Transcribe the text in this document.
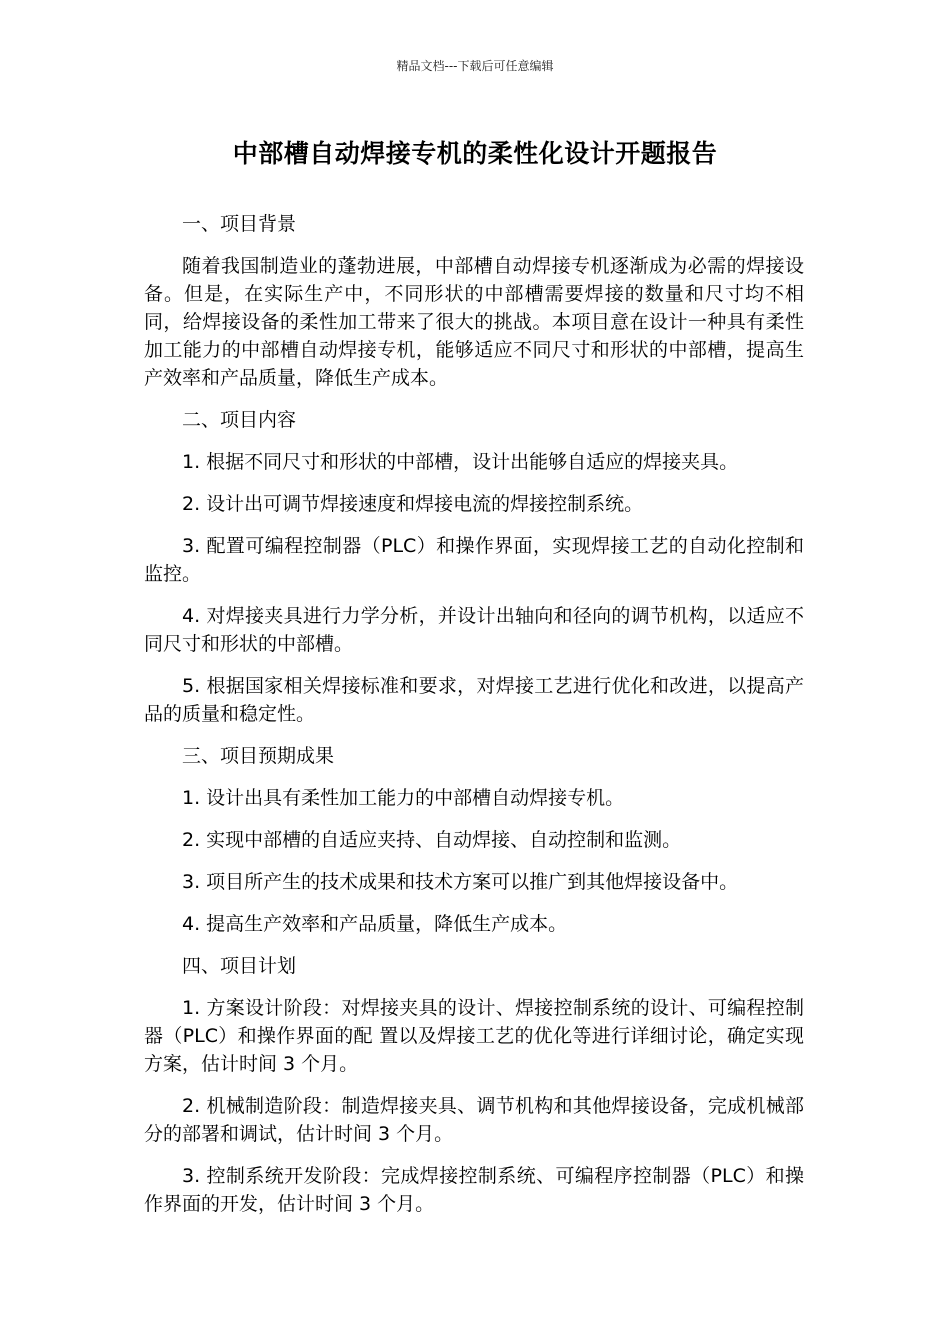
精品文档---下载后可任意编辑
中部槽自动焊接专机的柔性化设计开题报告

一、项目背景

随着我国制造业的蓬勃进展，中部槽自动焊接专机逐渐成为必需的焊接设备。但是，在实际生产中，不同形状的中部槽需要焊接的数量和尺寸均不相同，给焊接设备的柔性加工带来了很大的挑战。本项目意在设计一种具有柔性加工能力的中部槽自动焊接专机，能够适应不同尺寸和形状的中部槽，提高生产效率和产品质量，降低生产成本。

二、项目内容

1. 根据不同尺寸和形状的中部槽，设计出能够自适应的焊接夹具。

2. 设计出可调节焊接速度和焊接电流的焊接控制系统。

3. 配置可编程控制器（PLC）和操作界面，实现焊接工艺的自动化控制和监控。

4. 对焊接夹具进行力学分析，并设计出轴向和径向的调节机构，以适应不同尺寸和形状的中部槽。

5. 根据国家相关焊接标准和要求，对焊接工艺进行优化和改进，以提高产品的质量和稳定性。

三、项目预期成果

1. 设计出具有柔性加工能力的中部槽自动焊接专机。

2. 实现中部槽的自适应夹持、自动焊接、自动控制和监测。

3. 项目所产生的技术成果和技术方案可以推广到其他焊接设备中。

4. 提高生产效率和产品质量，降低生产成本。

四、项目计划

1. 方案设计阶段：对焊接夹具的设计、焊接控制系统的设计、可编程控制器（PLC）和操作界面的配 置以及焊接工艺的优化等进行详细讨论，确定实现方案，估计时间 3 个月。

2. 机械制造阶段：制造焊接夹具、调节机构和其他焊接设备，完成机械部分的部署和调试，估计时间 3 个月。

3. 控制系统开发阶段：完成焊接控制系统、可编程序控制器（PLC）和操作界面的开发，估计时间 3 个月。
